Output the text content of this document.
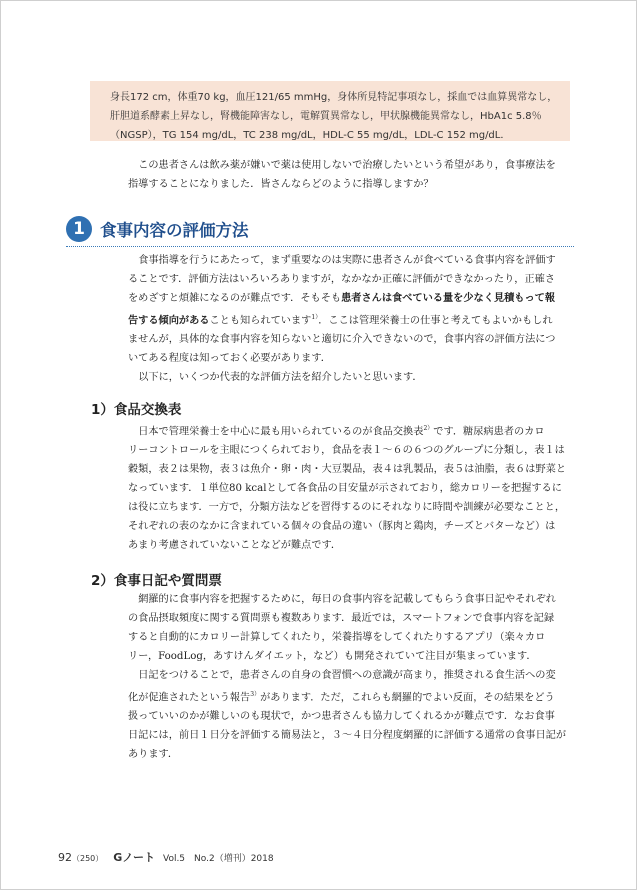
身長172 cm，体重70 kg，血圧121/65 mmHg，身体所見特記事項なし，採血では血算異常なし，
肝胆道系酵素上昇なし，腎機能障害なし，電解質異常なし，甲状腺機能異常なし，HbA1c 5.8％
（NGSP），TG 154 mg/dL，TC 238 mg/dL，HDL-C 55 mg/dL，LDL-C 152 mg/dL．
この患者さんは飲み薬が嫌いで薬は使用しないで治療したいという希望があり，食事療法を
指導することになりました．皆さんならどのように指導しますか？
1 食事内容の評価方法
食事指導を行うにあたって，まず重要なのは実際に患者さんが食べている食事内容を評価す
ることです．評価方法はいろいろありますが，なかなか正確に評価ができなかったり，正確さ
をめざすと煩雑になるのが難点です．そもそも患者さんは食べている量を少なく見積もって報
告する傾向があることも知られています$^{1)}$．ここは管理栄養士の仕事と考えてもよいかもしれ
ませんが，具体的な食事内容を知らないと適切に介入できないので，食事内容の評価方法につ
いてある程度は知っておく必要があります．
以下に，いくつか代表的な評価方法を紹介したいと思います．
1）食品交換表
日本で管理栄養士を中心に最も用いられているのが食品交換表$^{2)}$です．糖尿病患者のカロ
リーコントロールを主眼につくられており，食品を表１～６の６つのグループに分類し，表１は
穀類，表２は果物，表３は魚介・卵・肉・大豆製品，表４は乳製品，表５は油脂，表６は野菜と
なっています．１単位80 kcalとして各食品の目安量が示されており，総カロリーを把握するに
は役に立ちます．一方で，分類方法などを習得するのにそれなりに時間や訓練が必要なことと，
それぞれの表のなかに含まれている個々の食品の違い（豚肉と鶏肉，チーズとバターなど）は
あまり考慮されていないことなどが難点です．
2）食事日記や質問票
網羅的に食事内容を把握するために，毎日の食事内容を記載してもらう食事日記やそれぞれ
の食品摂取頻度に関する質問票も複数あります．最近では，スマートフォンで食事内容を記録
すると自動的にカロリー計算してくれたり，栄養指導をしてくれたりするアプリ（楽々カロ
リー，FoodLog，あすけんダイエット，など）も開発されていて注目が集まっています．
日記をつけることで，患者さんの自身の食習慣への意識が高まり，推奨される食生活への変
化が促進されたという報告$^{3)}$があります．ただ，これらも網羅的でよい反面，その結果をどう
扱っていいのかが難しいのも現状で，かつ患者さんも協力してくれるかが難点です．なお食事
日記には，前日１日分を評価する簡易法と，３～４日分程度網羅的に評価する通常の食事日記が
あります．
92（250） Gノート Vol.5　No.2（増刊）2018
